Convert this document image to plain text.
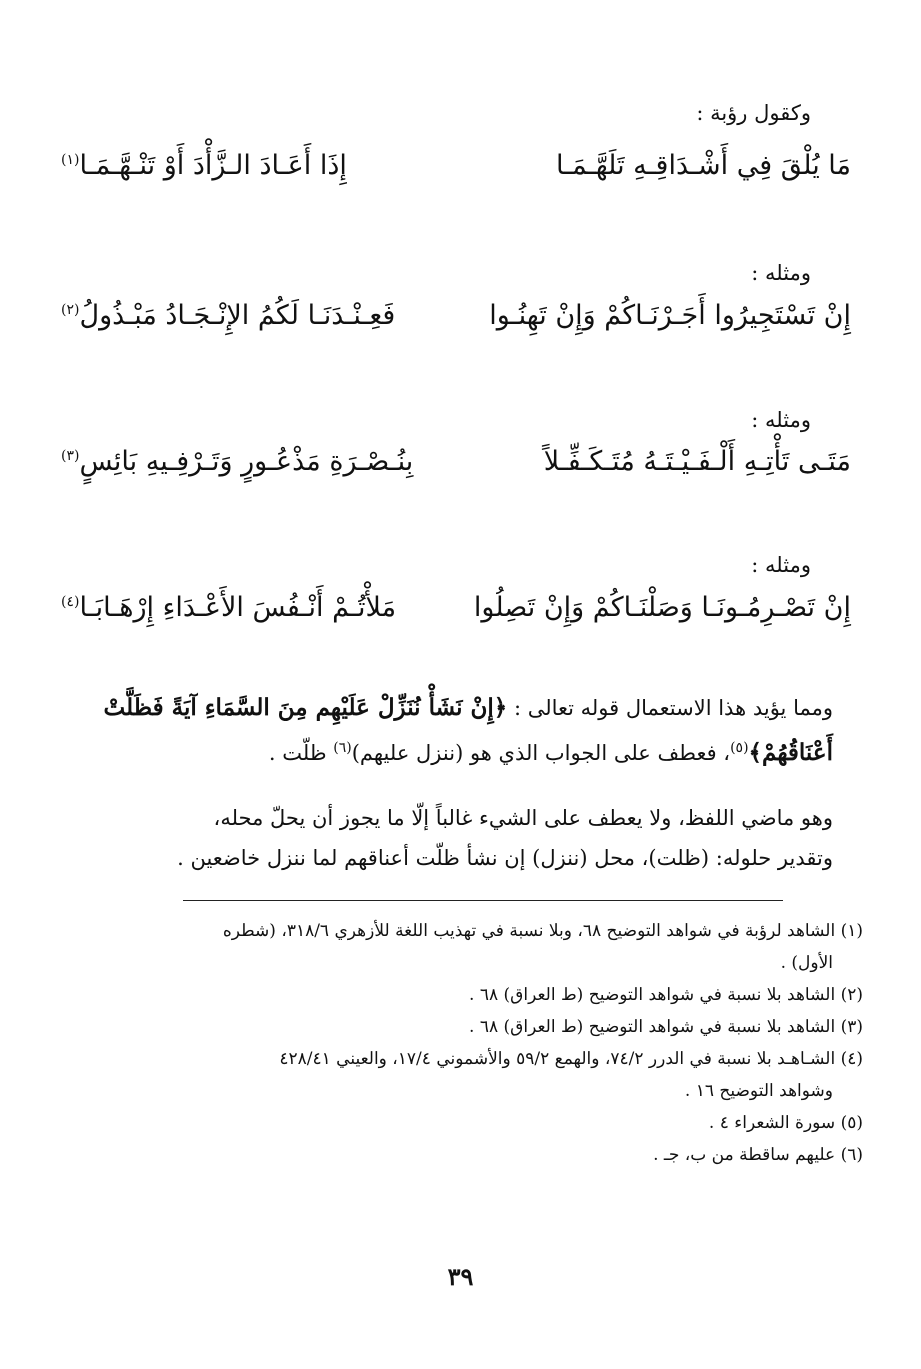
وكقول رؤبة :
مَا يُلْقَ فِي أَشْـدَاقِـهِ تَلَهَّـمَـا
إِذَا أَعَـادَ الـزَّأْدَ أَوْ تَنْـهَّـمَـا$^{(١)}$
ومثله :
إِنْ تَسْتَجِيرُوا أَجَـرْنَـاكُمْ وَإِنْ تَهِنُـوا
فَعِـنْـدَنَـا لَكُمُ الإِنْـجَـادُ مَبْـذُولُ$^{(٢)}$
ومثله :
مَتَـى تَأْتِـهِ أَلْـفَـيْـتَـهُ مُتَـكَـفِّـلاً
بِنُـصْـرَةِ مَذْعُـورٍ وَتَـرْفِـيهِ بَائِسٍ$^{(٣)}$
ومثله :
إِنْ تَصْـرِمُـونَـا وَصَلْنَـاكُمْ وَإِنْ تَصِلُوا
مَلأْتُـمْ أَنْـفُسَ الأَعْـدَاءِ إِرْهَـابَـا$^{(٤)}$
ومما يؤيد هذا الاستعمال قوله تعالى : ﴿إِنْ نَشَأْ نُنَزِّلْ عَلَيْهِم مِنَ السَّمَاءِ آيَةً فَظَلَّتْ
أَعْنَاقُهُمْ﴾$^{(٥)}$، فعطف على الجواب الذي هو (ننزل عليهم)$^{(٦)}$ ظلّت .
وهو ماضي اللفظ، ولا يعطف على الشيء غالباً إلّا ما يجوز أن يحلّ محله،
وتقدير حلوله: (ظلت)، محل (ننزل) إن نشأ ظلّت أعناقهم لما ننزل خاضعين .

(١) الشاهد لرؤبة في شواهد التوضيح ٦٨، وبلا نسبة في تهذيب اللغة للأزهري ٣١٨/٦، (شطره

الأول) .

(٢) الشاهد بلا نسبة في شواهد التوضيح (ط العراق) ٦٨ .

(٣) الشاهد بلا نسبة في شواهد التوضيح (ط العراق) ٦٨ .

(٤) الشـاهـد بلا نسبة في الدرر ٧٤/٢، والهمع ٥٩/٢ والأشموني ١٧/٤، والعيني ٤٢٨/٤١

وشواهد التوضيح ١٦ .

(٥) سورة الشعراء ٤ .

(٦) عليهم ساقطة من ب، جـ .

٣٩
